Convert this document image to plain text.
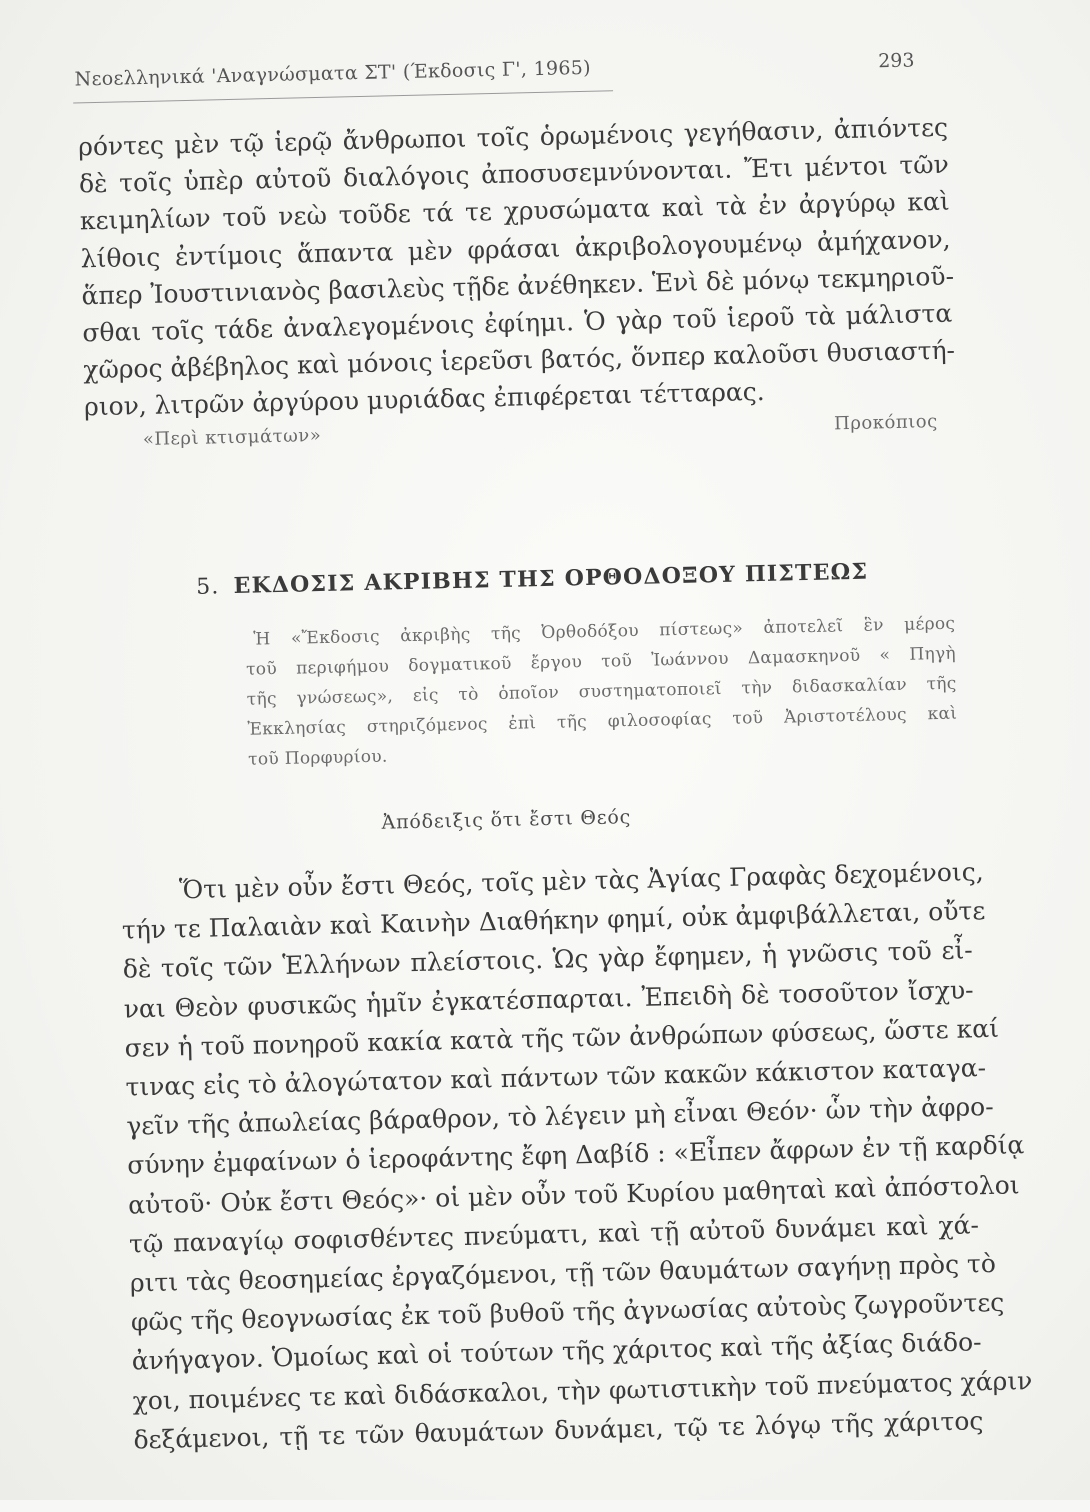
Νεοελληνικά 'Αναγνώσματα ΣΤ' (Έκδοσις Γ', 1965)	293
ρόντες μὲν τῷ ἱερῷ ἄνθρωποι τοῖς ὁρωμένοις γεγήθασιν, ἀπιόντες
δὲ τοῖς ὑπὲρ αὐτοῦ διαλόγοις ἀποσυσεμνύνονται. Ἔτι μέντοι τῶν
κειμηλίων τοῦ νεὼ τοῦδε τά τε χρυσώματα καὶ τὰ ἐν ἀργύρῳ καὶ
λίθοις ἐντίμοις ἅπαντα μὲν φράσαι ἀκριβολογουμένῳ ἀμήχανον,
ἅπερ Ἰουστινιανὸς βασιλεὺς τῇδε ἀνέθηκεν. Ἑνὶ δὲ μόνῳ τεκμηριοῦ-
σθαι τοῖς τάδε ἀναλεγομένοις ἐφίημι. Ὁ γὰρ τοῦ ἱεροῦ τὰ μάλιστα
χῶρος ἀβέβηλος καὶ μόνοις ἱερεῦσι βατός, ὅνπερ καλοῦσι θυσιαστή-
ριον, λιτρῶν ἀργύρου μυριάδας ἐπιφέρεται τέτταρας.
«Περὶ κτισμάτων»
Προκόπιος
5. ΕΚΔΟΣΙΣ ΑΚΡΙΒΗΣ ΤΗΣ ΟΡΘΟΔΟΞΟΥ ΠΙΣΤΕΩΣ
Ἡ «Ἔκδοσις ἀκριβὴς τῆς Ὀρθοδόξου πίστεως» ἀποτελεῖ ἓν μέρος
τοῦ περιφήμου δογματικοῦ ἔργου τοῦ Ἰωάννου Δαμασκηνοῦ « Πηγὴ
τῆς γνώσεως», εἰς τὸ ὁποῖον συστηματοποιεῖ τὴν διδασκαλίαν τῆς
Ἐκκλησίας στηριζόμενος ἐπὶ τῆς φιλοσοφίας τοῦ Ἀριστοτέλους καὶ
τοῦ Πορφυρίου.
Ἀπόδειξις ὅτι ἔστι Θεός
Ὅτι μὲν οὖν ἔστι Θεός, τοῖς μὲν τὰς Ἁγίας Γραφὰς δεχομένοις,
τήν τε Παλαιὰν καὶ Καινὴν Διαθήκην φημί, οὐκ ἀμφιβάλλεται, οὔτε
δὲ τοῖς τῶν Ἑλλήνων πλείστοις. Ὡς γὰρ ἔφημεν, ἡ γνῶσις τοῦ εἶ-
ναι Θεὸν φυσικῶς ἡμῖν ἐγκατέσπαρται. Ἐπειδὴ δὲ τοσοῦτον ἴσχυ-
σεν ἡ τοῦ πονηροῦ κακία κατὰ τῆς τῶν ἀνθρώπων φύσεως, ὥστε καί
τινας εἰς τὸ ἀλογώτατον καὶ πάντων τῶν κακῶν κάκιστον καταγα-
γεῖν τῆς ἀπωλείας βάραθρον, τὸ λέγειν μὴ εἶναι Θεόν· ὧν τὴν ἀφρο-
σύνην ἐμφαίνων ὁ ἱεροφάντης ἔφη Δαβίδ : «Εἶπεν ἄφρων ἐν τῇ καρδίᾳ
αὐτοῦ· Οὐκ ἔστι Θεός»· οἱ μὲν οὖν τοῦ Κυρίου μαθηταὶ καὶ ἀπόστολοι
τῷ παναγίῳ σοφισθέντες πνεύματι, καὶ τῇ αὐτοῦ δυνάμει καὶ χά-
ριτι τὰς θεοσημείας ἐργαζόμενοι, τῇ τῶν θαυμάτων σαγήνῃ πρὸς τὸ
φῶς τῆς θεογνωσίας ἐκ τοῦ βυθοῦ τῆς ἀγνωσίας αὐτοὺς ζωγροῦντες
ἀνήγαγον. Ὁμοίως καὶ οἱ τούτων τῆς χάριτος καὶ τῆς ἀξίας διάδο-
χοι, ποιμένες τε καὶ διδάσκαλοι, τὴν φωτιστικὴν τοῦ πνεύματος χάριν
δεξάμενοι, τῇ τε τῶν θαυμάτων δυνάμει, τῷ τε λόγῳ τῆς χάριτος
